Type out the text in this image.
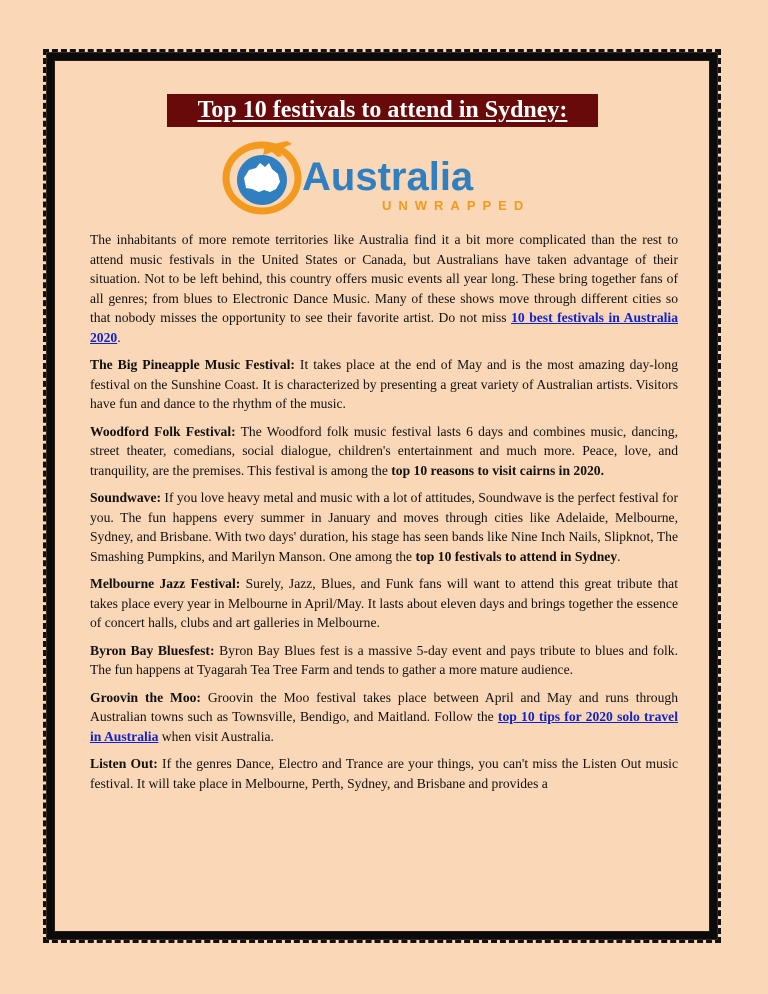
Top 10 festivals to attend in Sydney:
Australia
UNWRAPPED

The inhabitants of more remote territories like Australia find it a bit more complicated than the rest to attend music festivals in the United States or Canada, but Australians have taken advantage of their situation. Not to be left behind, this country offers music events all year long. These bring together fans of all genres; from blues to Electronic Dance Music. Many of these shows move through different cities so that nobody misses the opportunity to see their favorite artist. Do not miss 10 best festivals in Australia 2020.

The Big Pineapple Music Festival: It takes place at the end of May and is the most amazing day-long festival on the Sunshine Coast. It is characterized by presenting a great variety of Australian artists. Visitors have fun and dance to the rhythm of the music.

Woodford Folk Festival: The Woodford folk music festival lasts 6 days and combines music, dancing, street theater, comedians, social dialogue, children's entertainment and much more. Peace, love, and tranquility, are the premises. This festival is among the top 10 reasons to visit cairns in 2020.

Soundwave: If you love heavy metal and music with a lot of attitudes, Soundwave is the perfect festival for you. The fun happens every summer in January and moves through cities like Adelaide, Melbourne, Sydney, and Brisbane. With two days' duration, his stage has seen bands like Nine Inch Nails, Slipknot, The Smashing Pumpkins, and Marilyn Manson. One among the top 10 festivals to attend in Sydney.

Melbourne Jazz Festival: Surely, Jazz, Blues, and Funk fans will want to attend this great tribute that takes place every year in Melbourne in April/May. It lasts about eleven days and brings together the essence of concert halls, clubs and art galleries in Melbourne.

Byron Bay Bluesfest: Byron Bay Blues fest is a massive 5-day event and pays tribute to blues and folk. The fun happens at Tyagarah Tea Tree Farm and tends to gather a more mature audience.

Groovin the Moo: Groovin the Moo festival takes place between April and May and runs through Australian towns such as Townsville, Bendigo, and Maitland. Follow the top 10 tips for 2020 solo travel in Australia when visit Australia.

Listen Out: If the genres Dance, Electro and Trance are your things, you can't miss the Listen Out music festival. It will take place in Melbourne, Perth, Sydney, and Brisbane and provides a
